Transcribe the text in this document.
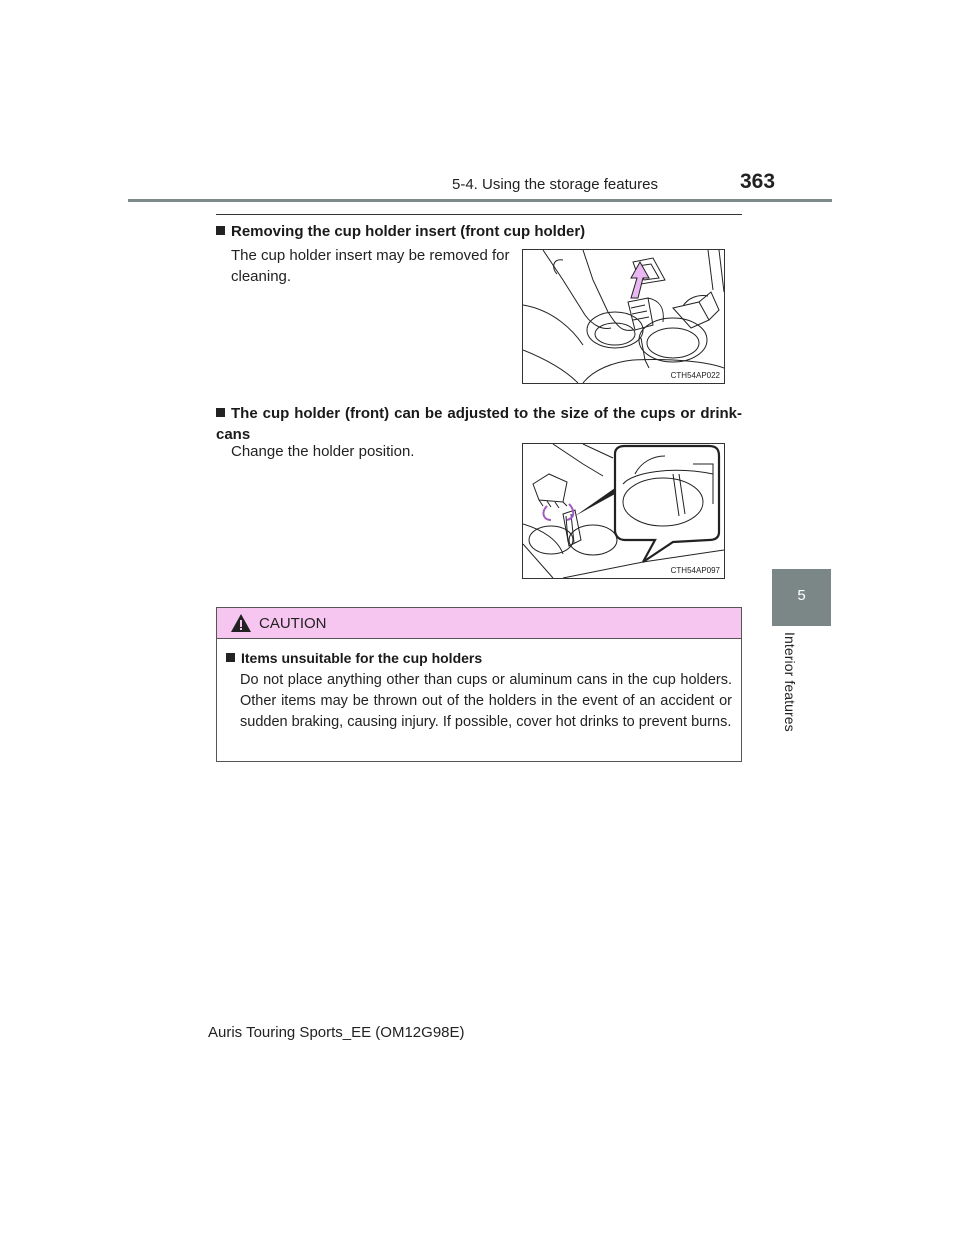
5-4. Using the storage features	363
5
Interior features
Removing the cup holder insert (front cup holder)
The cup holder insert may be removed for cleaning.
CTH54AP022
The cup holder (front) can be adjusted to the size of the cups or drink-cans
Change the holder position.
CTH54AP097
CAUTION
Items unsuitable for the cup holders
Do not place anything other than cups or aluminum cans in the cup holders. Other items may be thrown out of the holders in the event of an accident or sudden braking, causing injury. If possible, cover hot drinks to prevent burns.
Auris Touring Sports_EE (OM12G98E)
